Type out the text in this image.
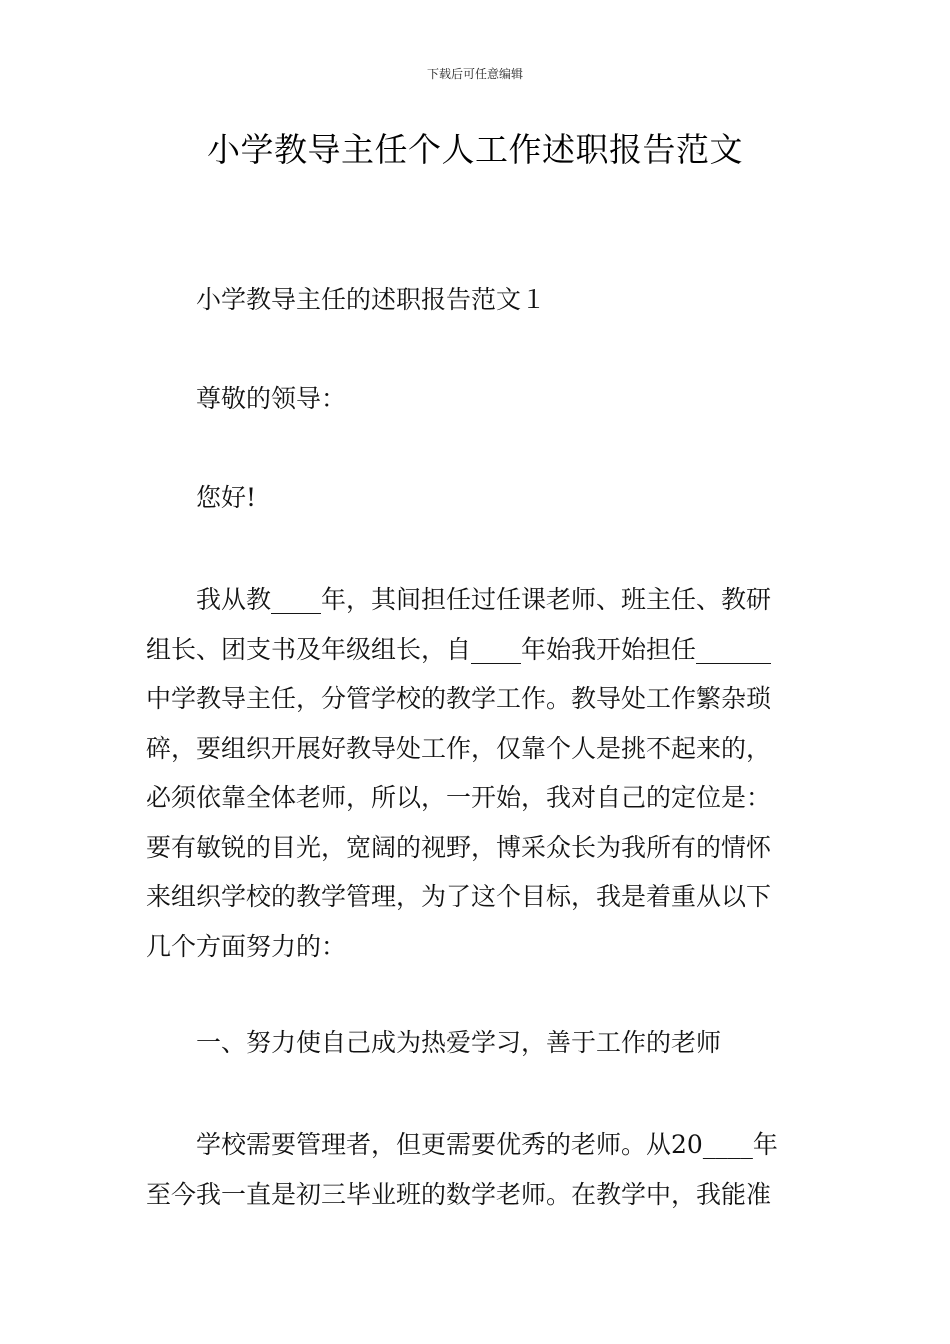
下载后可任意编辑
小学教导主任个人工作述职报告范文
小学教导主任的述职报告范文１
尊敬的领导：
您好!
我从教____年，其间担任过任课老师、班主任、教研
组长、团支书及年级组长，自____年始我开始担任______
中学教导主任，分管学校的教学工作。教导处工作繁杂琐
碎，要组织开展好教导处工作，仅靠个人是挑不起来的，
必须依靠全体老师，所以，一开始，我对自己的定位是：
要有敏锐的目光，宽阔的视野，博采众长为我所有的情怀
来组织学校的教学管理，为了这个目标，我是着重从以下
几个方面努力的：
一、努力使自己成为热爱学习，善于工作的老师
学校需要管理者，但更需要优秀的老师。从20____年
至今我一直是初三毕业班的数学老师。在教学中，我能准
